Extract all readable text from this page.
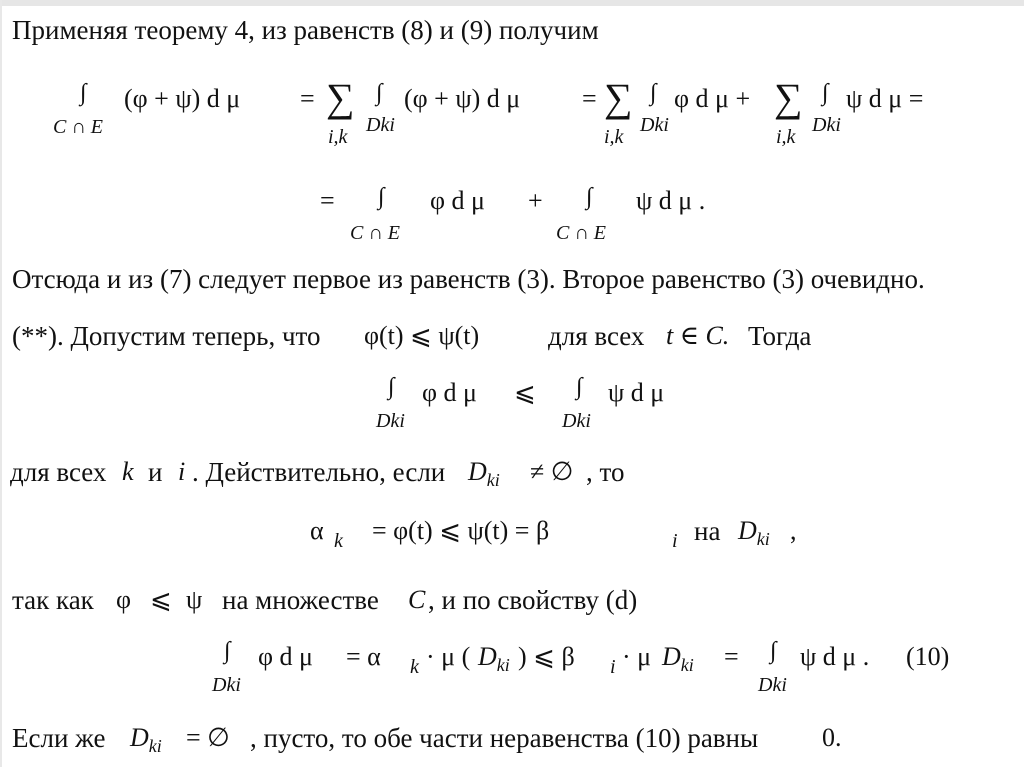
Применяя теорему 4, из равенств (8) и (9) получим
∫
C ∩ E
(φ + ψ) d μ = ∑
i,k
∫
Dki
(φ + ψ) d μ = ∑
i,k
∫
Dki
φ d μ + ∑
i,k
∫
Dki
ψ d μ =
= ∫
C ∩ E
φ d μ + ∫
C ∩ E
ψ d μ .
Отсюда и из (7) следует первое из равенств (3). Второе равенство (3) очевидно.
(**). Допустим теперь, что φ(t) ⩽ ψ(t)	для всех t ∈ C. Тогда
∫
Dki
φ d μ ⩽ ∫
Dki
ψ d μ
для всех k и i . Действительно, если $D_{ki}$ ≠ ∅ , то
α k = φ(t) ⩽ ψ(t) = β	i на $D_{ki}$ ,
так как φ ⩽ ψ на множестве C , и по свойству (d)
∫
Dki
φ d μ = α k · μ ( $D_{ki}$ ) ⩽ β i · μ $D_{ki}$ = ∫
Dki
ψ d μ . (10)
Если же $D_{ki}$ = ∅ , пусто, то обе части неравенства (10) равны 0.
